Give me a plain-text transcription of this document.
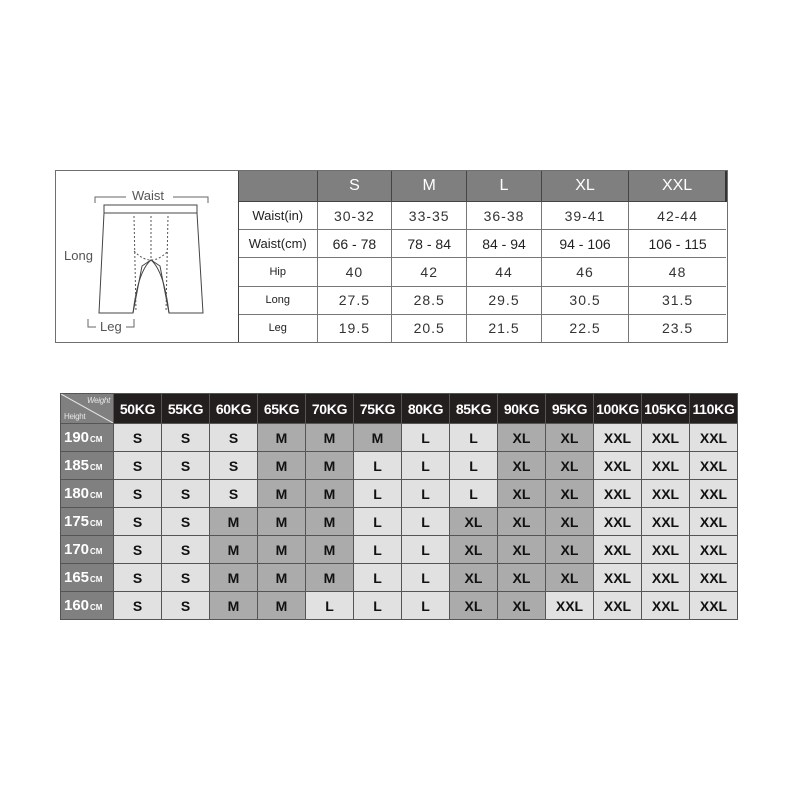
Waist
Long
Leg
	S	M	L	XL	XXL
Waist(in)	30-32	33-35	36-38	39-41	42-44
Waist(cm)	66 - 78	78 - 84	84 - 94	94 - 106	106 - 115
Hip	40	42	44	46	48
Long	27.5	28.5	29.5	30.5	31.5
Leg	19.5	20.5	21.5	22.5	23.5
Weight
Height	50KG	55KG	60KG	65KG	70KG	75KG	80KG	85KG	90KG	95KG	100KG	105KG	110KG
190CM	S	S	S	M	M	M	L	L	XL	XL	XXL	XXL	XXL
185CM	S	S	S	M	M	L	L	L	XL	XL	XXL	XXL	XXL
180CM	S	S	S	M	M	L	L	L	XL	XL	XXL	XXL	XXL
175CM	S	S	M	M	M	L	L	XL	XL	XL	XXL	XXL	XXL
170CM	S	S	M	M	M	L	L	XL	XL	XL	XXL	XXL	XXL
165CM	S	S	M	M	M	L	L	XL	XL	XL	XXL	XXL	XXL
160CM	S	S	M	M	L	L	L	XL	XL	XXL	XXL	XXL	XXL
